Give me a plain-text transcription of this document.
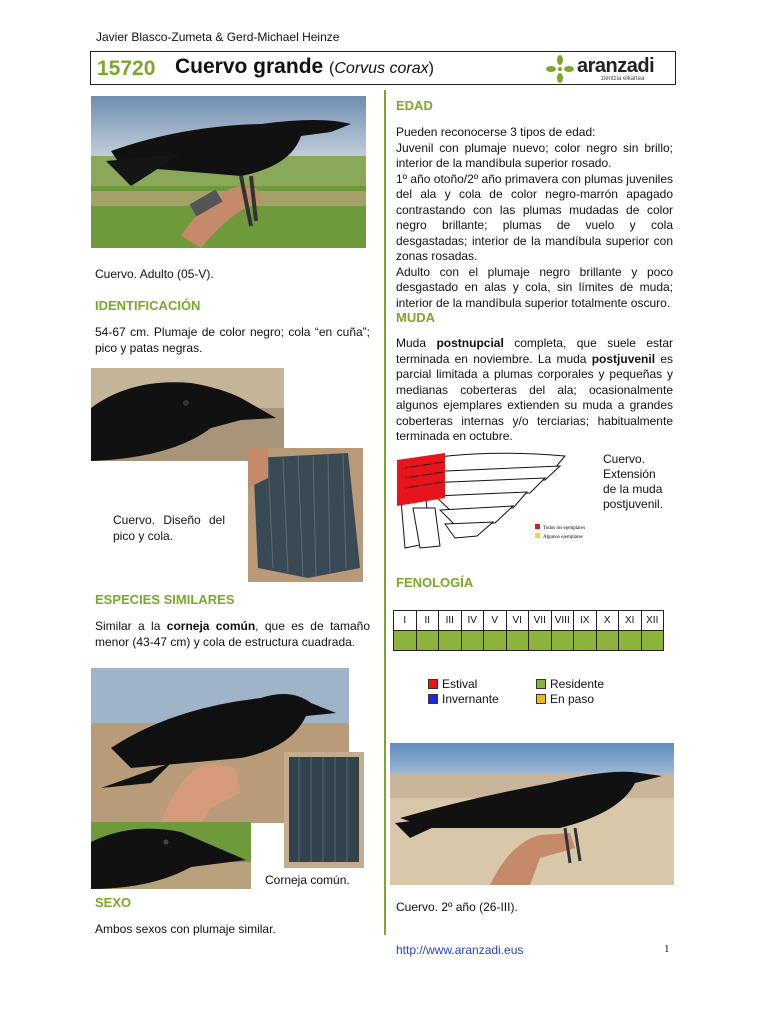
Javier Blasco-Zumeta & Gerd-Michael Heinze
15720 Cuervo grande (Corvus corax)	aranzadi
zientzia elkartea
Cuervo. Adulto (05-V).
IDENTIFICACIÓN
54-67 cm. Plumaje de color negro; cola “en cuña”; pico y patas negras.
Cuervo. Diseño del pico y cola.
ESPECIES SIMILARES
Similar a la corneja común, que es de tamaño menor (43-47 cm) y cola de estructura cuadrada.
Corneja común.
SEXO
Ambos sexos con plumaje similar.
EDAD
Pueden reconocerse 3 tipos de edad:
Juvenil con plumaje nuevo; color negro sin brillo; interior de la mandíbula superior rosado.
1º año otoño/2º año primavera con plumas juveniles del ala y cola de color negro-marrón apagado contrastando con las plumas mudadas de color negro brillante; plumas de vuelo y cola desgastadas; interior de la mandíbula superior con zonas rosadas.
Adulto con el plumaje negro brillante y poco desgastado en alas y cola, sin límites de muda; interior de la mandíbula superior totalmente oscuro.
MUDA
Muda postnupcial completa, que suele estar terminada en noviembre. La muda postjuvenil es parcial limitada a plumas corporales y pequeñas y medianas coberteras del ala; ocasionalmente algunos ejemplares extienden su muda a grandes coberteras internas y/o terciarias; habitualmente terminada en octubre.
Todos los ejemplares
Algunos ejemplares
Cuervo. Extensión de la muda postjuvenil.
FENOLOGÍA
I	II	III	IV	V	VI	VII	VIII	IX	X	XI	XII

Estival	Residente
Invernante	En paso
Cuervo. 2º año (26-III).
http://www.aranzadi.eus	1
